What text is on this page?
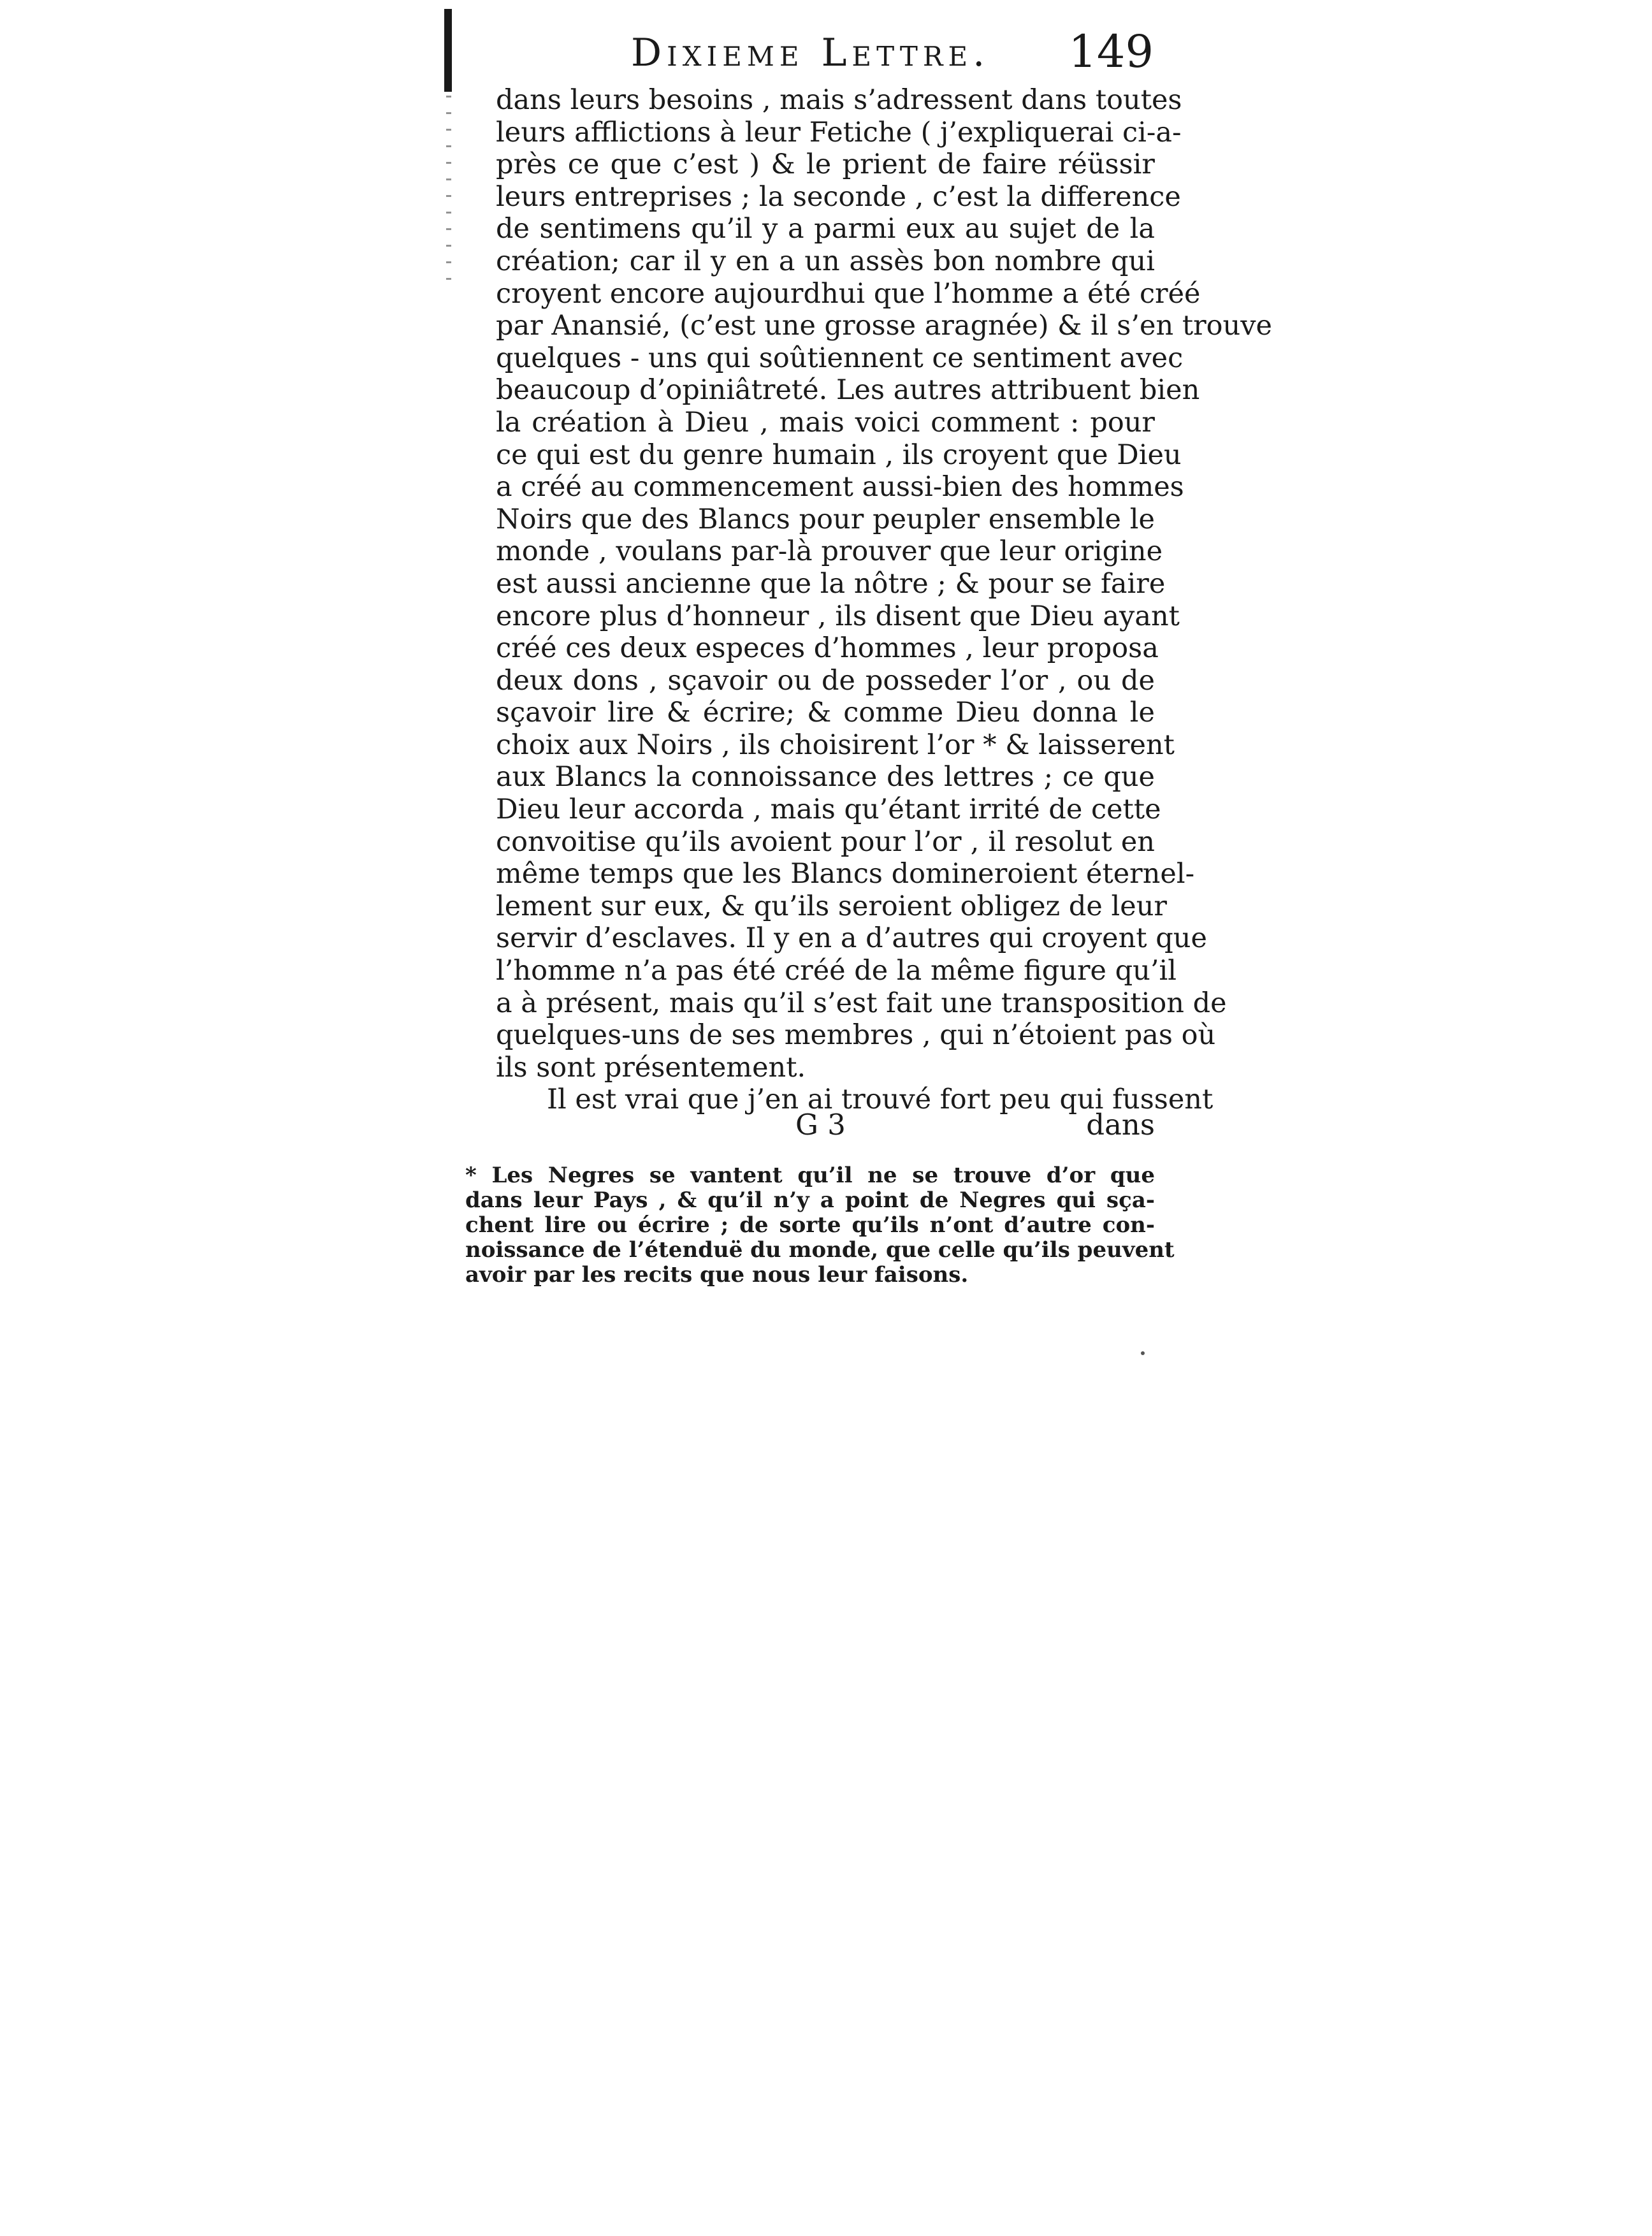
Dixieme Lettre. 149
dans leurs besoins , mais s’adressent dans toutes
leurs afflictions à leur Fetiche ( j’expliquerai ci-a-
près ce que c’est ) & le prient de faire réüssir
leurs entreprises ; la seconde , c’est la difference
de sentimens qu’il y a parmi eux au sujet de la
création; car il y en a un assès bon nombre qui
croyent encore aujourdhui que l’homme a été créé
par Anansié, (c’est une grosse aragnée) & il s’en trouve
quelques - uns qui soûtiennent ce sentiment avec
beaucoup d’opiniâtreté. Les autres attribuent bien
la création à Dieu , mais voici comment : pour
ce qui est du genre humain , ils croyent que Dieu
a créé au commencement aussi-bien des hommes
Noirs que des Blancs pour peupler ensemble le
monde , voulans par-là prouver que leur origine
est aussi ancienne que la nôtre ; & pour se faire
encore plus d’honneur , ils disent que Dieu ayant
créé ces deux especes d’hommes , leur proposa
deux dons , sçavoir ou de posseder l’or , ou de
sçavoir lire & écrire; & comme Dieu donna le
choix aux Noirs , ils choisirent l’or * & laisserent
aux Blancs la connoissance des lettres ; ce que
Dieu leur accorda , mais qu’étant irrité de cette
convoitise qu’ils avoient pour l’or , il resolut en
même temps que les Blancs domineroient éternel-
lement sur eux, & qu’ils seroient obligez de leur
servir d’esclaves. Il y en a d’autres qui croyent que
l’homme n’a pas été créé de la même figure qu’il
a à présent, mais qu’il s’est fait une transposition de
quelques-uns de ses membres , qui n’étoient pas où
ils sont présentement.
Il est vrai que j’en ai trouvé fort peu qui fussent
G 3	dans
* Les Negres se vantent qu’il ne se trouve d’or que
dans leur Pays , & qu’il n’y a point de Negres qui sça-
chent lire ou écrire ; de sorte qu’ils n’ont d’autre con-
noissance de l’étenduë du monde, que celle qu’ils peuvent
avoir par les recits que nous leur faisons.
